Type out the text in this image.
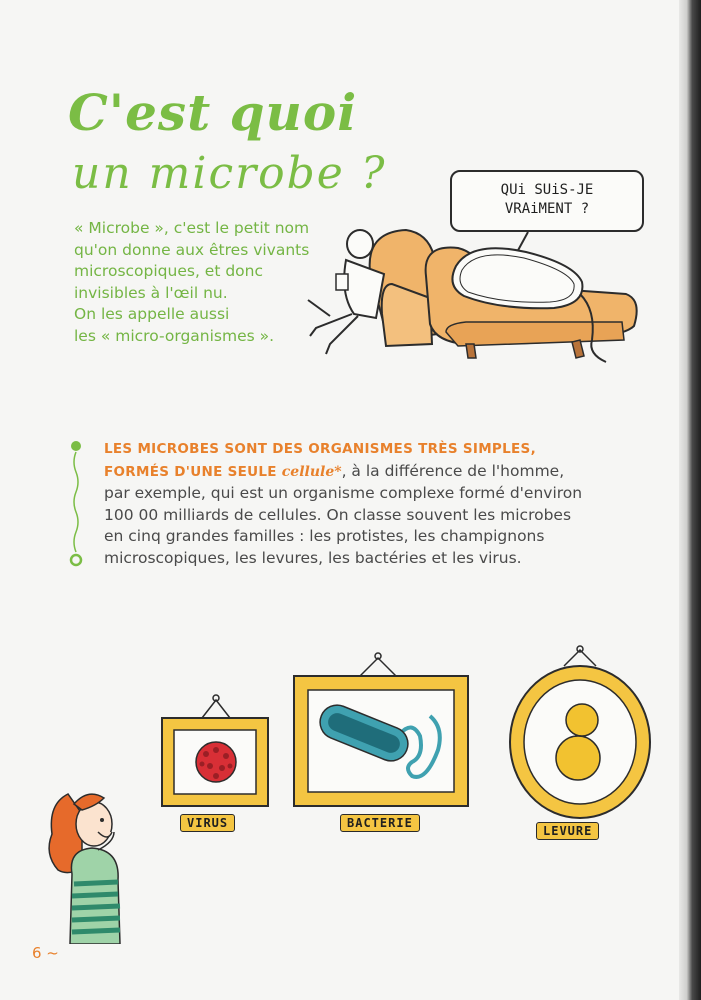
C'est quoi
un microbe ?
« Microbe », c'est le petit nom
qu'on donne aux êtres vivants
microscopiques, et donc
invisibles à l'œil nu.
On les appelle aussi
les « micro-organismes ».
QUi SUiS-JE
VRAiMENT ?
LES MICROBES SONT DES ORGANISMES TRÈS SIMPLES,
FORMÉS D'UNE SEULE cellule*, à la différence de l'homme,
par exemple, qui est un organisme complexe formé d'environ
100 00 milliards de cellules. On classe souvent les microbes
en cinq grandes familles : les protistes, les champignons
microscopiques, les levures, les bactéries et les virus.
VIRUS	BACTERIE
LEVURE
6 ~
